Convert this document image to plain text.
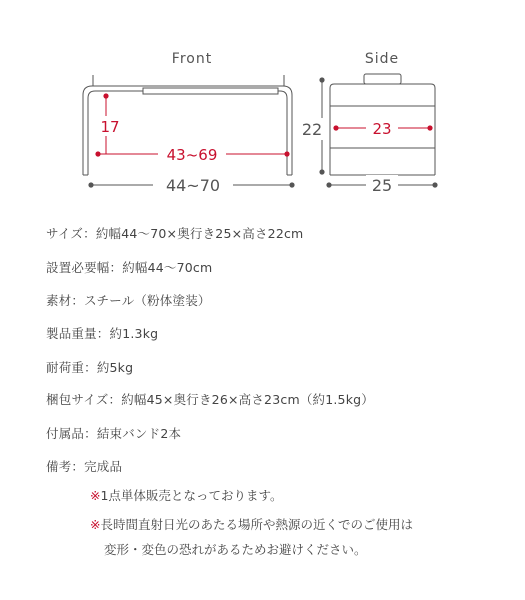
Front	Side
17
43~69
44~70
22	23
25
サイズ：約幅44～70×奥行き25×高さ22cm
設置必要幅：約幅44～70cm
素材：スチール（粉体塗装）
製品重量：約1.3kg
耐荷重：約5kg
梱包サイズ：約幅45×奥行き26×高さ23cm（約1.5kg）
付属品：結束バンド2本
備考：完成品
※1点単体販売となっております。
※長時間直射日光のあたる場所や熱源の近くでのご使用は
変形・変色の恐れがあるためお避けください。
